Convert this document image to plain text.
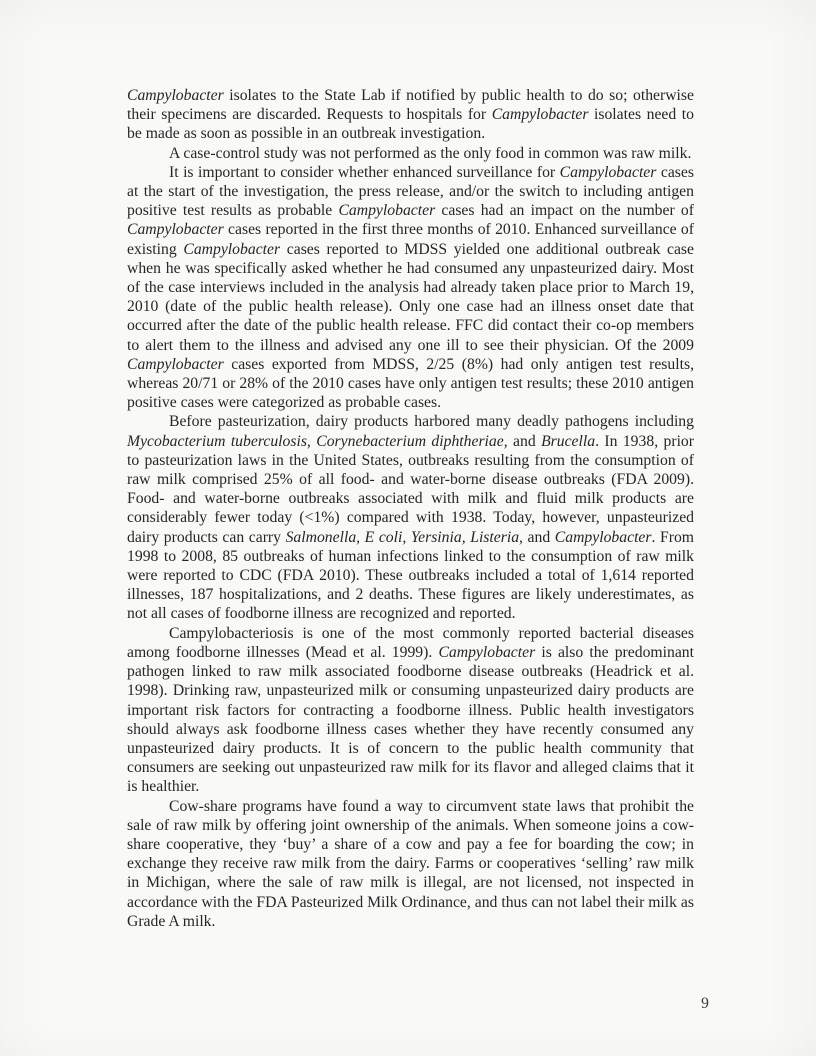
Campylobacter isolates to the State Lab if notified by public health to do so; otherwise their specimens are discarded. Requests to hospitals for Campylobacter isolates need to be made as soon as possible in an outbreak investigation.

A case-control study was not performed as the only food in common was raw milk.

It is important to consider whether enhanced surveillance for Campylobacter cases at the start of the investigation, the press release, and/or the switch to including antigen positive test results as probable Campylobacter cases had an impact on the number of Campylobacter cases reported in the first three months of 2010. Enhanced surveillance of existing Campylobacter cases reported to MDSS yielded one additional outbreak case when he was specifically asked whether he had consumed any unpasteurized dairy. Most of the case interviews included in the analysis had already taken place prior to March 19, 2010 (date of the public health release). Only one case had an illness onset date that occurred after the date of the public health release. FFC did contact their co-op members to alert them to the illness and advised any one ill to see their physician. Of the 2009 Campylobacter cases exported from MDSS, 2/25 (8%) had only antigen test results, whereas 20/71 or 28% of the 2010 cases have only antigen test results; these 2010 antigen positive cases were categorized as probable cases.

Before pasteurization, dairy products harbored many deadly pathogens including Mycobacterium tuberculosis, Corynebacterium diphtheriae, and Brucella. In 1938, prior to pasteurization laws in the United States, outbreaks resulting from the consumption of raw milk comprised 25% of all food- and water-borne disease outbreaks (FDA 2009). Food- and water-borne outbreaks associated with milk and fluid milk products are considerably fewer today (<1%) compared with 1938. Today, however, unpasteurized dairy products can carry Salmonella, E coli, Yersinia, Listeria, and Campylobacter. From 1998 to 2008, 85 outbreaks of human infections linked to the consumption of raw milk were reported to CDC (FDA 2010). These outbreaks included a total of 1,614 reported illnesses, 187 hospitalizations, and 2 deaths. These figures are likely underestimates, as not all cases of foodborne illness are recognized and reported.

Campylobacteriosis is one of the most commonly reported bacterial diseases among foodborne illnesses (Mead et al. 1999). Campylobacter is also the predominant pathogen linked to raw milk associated foodborne disease outbreaks (Headrick et al. 1998). Drinking raw, unpasteurized milk or consuming unpasteurized dairy products are important risk factors for contracting a foodborne illness. Public health investigators should always ask foodborne illness cases whether they have recently consumed any unpasteurized dairy products. It is of concern to the public health community that consumers are seeking out unpasteurized raw milk for its flavor and alleged claims that it is healthier.

Cow-share programs have found a way to circumvent state laws that prohibit the sale of raw milk by offering joint ownership of the animals. When someone joins a cow-share cooperative, they ‘buy’ a share of a cow and pay a fee for boarding the cow; in exchange they receive raw milk from the dairy. Farms or cooperatives ‘selling’ raw milk in Michigan, where the sale of raw milk is illegal, are not licensed, not inspected in accordance with the FDA Pasteurized Milk Ordinance, and thus can not label their milk as Grade A milk.

9
